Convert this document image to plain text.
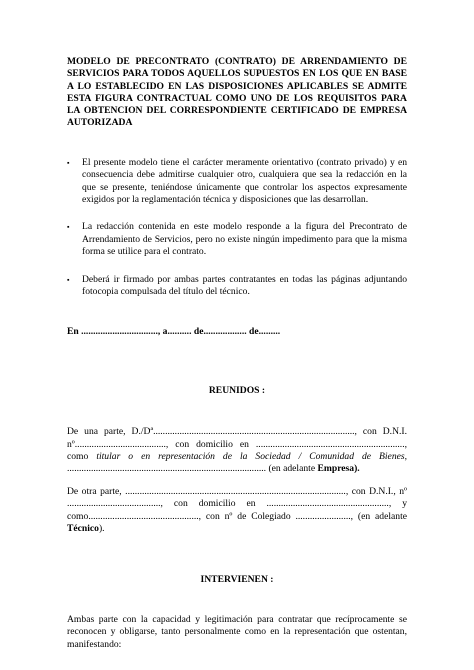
MODELO DE PRECONTRATO (CONTRATO) DE ARRENDAMIENTO DE SERVICIOS PARA TODOS AQUELLOS SUPUESTOS EN LOS QUE EN BASE A LO ESTABLECIDO EN LAS DISPOSICIONES APLICABLES SE ADMITE ESTA FIGURA CONTRACTUAL COMO UNO DE LOS REQUISITOS PARA LA OBTENCION DEL CORRESPONDIENTE CERTIFICADO DE EMPRESA AUTORIZADA

▪	El presente modelo tiene el carácter meramente orientativo (contrato privado) y en consecuencia debe admitirse cualquier otro, cualquiera que sea la redacción en la que se presente, teniéndose únicamente que controlar los aspectos expresamente exigidos por la reglamentación técnica y disposiciones que las desarrollan.
▪	La redacción contenida en este modelo responde a la figura del Precontrato de Arrendamiento de Servicios, pero no existe ningún impedimento para que la misma forma se utilice para el contrato.
▪	Deberá ir firmado por ambas partes contratantes en todas las páginas adjuntando fotocopia compulsada del título del técnico.
En ................................, a.......... de.................. de.........
REUNIDOS :
De una parte, D./Dª...................................................................................., con D.N.I. nº......................................, con domicilio en .............................................................., como titular o en representación de la Sociedad / Comunidad de Bienes, ................................................................................... (en adelante Empresa).
De otra parte, ............................................................................................, con D.N.I., nº ......................................., con domicilio en ..................................................., y como.............................................., con nº de Colegiado ......................., (en adelante Técnico).
INTERVIENEN :
Ambas parte con la capacidad y legitimación para contratar que recíprocamente se reconocen y obligarse, tanto personalmente como en la representación que ostentan, manifestando:
